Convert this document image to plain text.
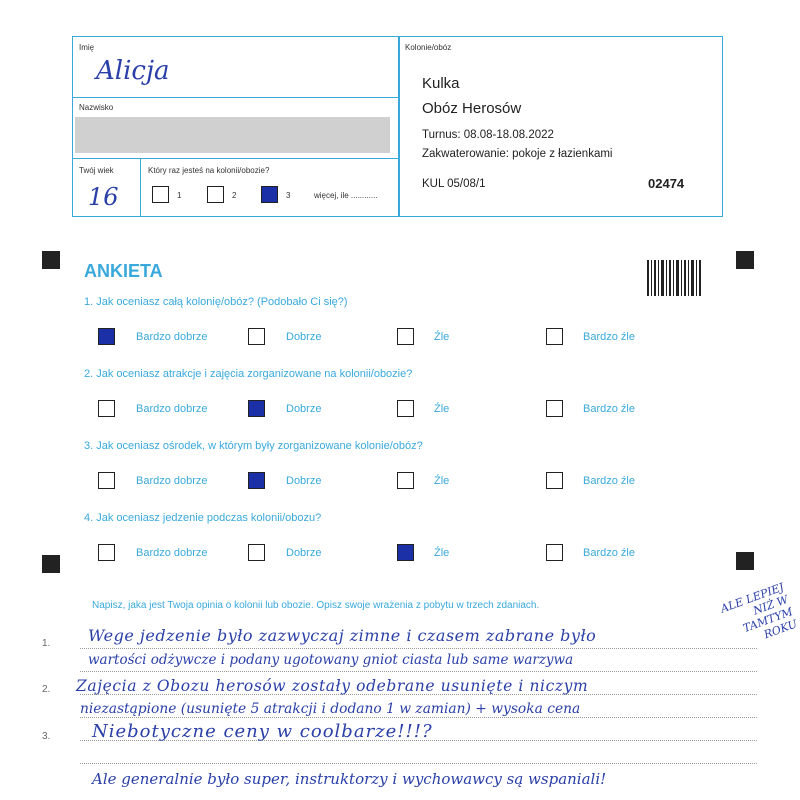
Imię
Alicja
Nazwisko
Twój wiek
16
Który raz jesteś na kolonii/obozie?
1	2	3	więcej, ile ............
Kolonie/obóz
Kulka
Obóz Herosów
Turnus: 08.08-18.08.2022
Zakwaterowanie: pokoje z łazienkami
KUL 05/08/1	02474
ANKIETA
1. Jak oceniasz całą kolonię/obóz? (Podobało Ci się?)
Bardzo dobrze	Dobrze	Źle	Bardzo źle
2. Jak oceniasz atrakcje i zajęcia zorganizowane na kolonii/obozie?
Bardzo dobrze	Dobrze	Źle	Bardzo źle
3. Jak oceniasz ośrodek, w którym były zorganizowane kolonie/obóz?
Bardzo dobrze	Dobrze	Źle	Bardzo źle
4. Jak oceniasz jedzenie podczas kolonii/obozu?
Bardzo dobrze	Dobrze	Źle	Bardzo źle
Napisz, jaka jest Twoja opinia o kolonii lub obozie. Opisz swoje wrażenia z pobytu w trzech zdaniach.
1.
2.
3.
Wege jedzenie było zazwyczaj zimne i czasem zabrane było
wartości odżywcze i podany ugotowany gniot ciasta lub same warzywa
Zajęcia z Obozu herosów zostały odebrane usunięte i niczym
niezastąpione (usunięte 5 atrakcji i dodano 1 w zamian) + wysoka cena
Niebotyczne ceny w coolbarze!!!?
Ale generalnie było super, instruktorzy i wychowawcy są wspaniali!
ALE LEPIEJ NIŻ W TAMTYM ROKU
